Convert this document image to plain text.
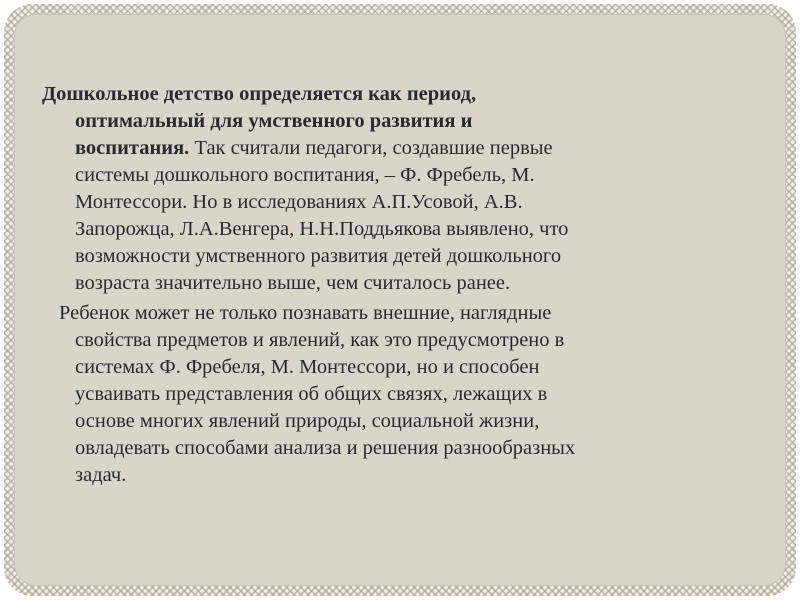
Дошкольное детство определяется как период,
оптимальный для умственного развития и
воспитания. Так считали педагоги, создавшие первые
системы дошкольного воспитания, – Ф. Фребель, М.
Монтессори. Но в исследованиях А.П.Усовой, А.В.
Запорожца, Л.А.Венгера, Н.Н.Поддьякова выявлено, что
возможности умственного развития детей дошкольного
возраста значительно выше, чем считалось ранее.
Ребенок может не только познавать внешние, наглядные
свойства предметов и явлений, как это предусмотрено в
системах Ф. Фребеля, М. Монтессори, но и способен
усваивать представления об общих связях, лежащих в
основе многих явлений природы, социальной жизни,
овладевать способами анализа и решения разнообразных
задач.
